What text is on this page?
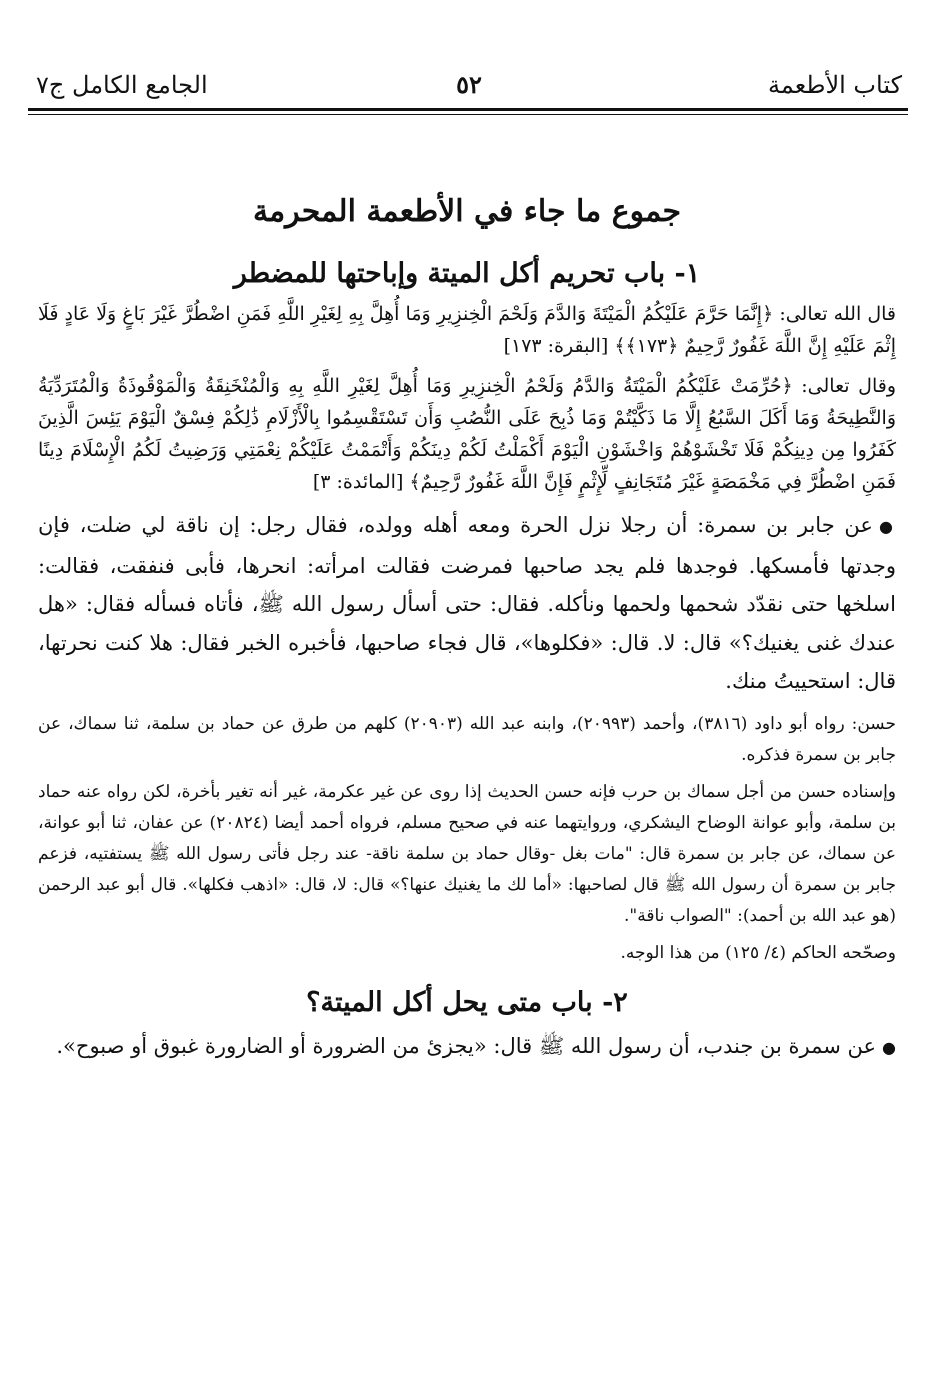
كتاب الأطعمة
٥٢
الجامع الكامل ج٧
جموع ما جاء في الأطعمة المحرمة
١- باب تحريم أكل الميتة وإباحتها للمضطر

قال الله تعالى: ﴿إِنَّمَا حَرَّمَ عَلَيْكُمُ الْمَيْتَةَ وَالدَّمَ وَلَحْمَ الْخِنزِيرِ وَمَا أُهِلَّ بِهِ لِغَيْرِ اللَّهِ فَمَنِ اضْطُرَّ غَيْرَ بَاغٍ وَلَا عَادٍ فَلَا إِثْمَ عَلَيْهِ إِنَّ اللَّهَ غَفُورٌ رَّحِيمٌ ﴿١٧٣﴾﴾ [البقرة: ١٧٣]

وقال تعالى: ﴿حُرِّمَتْ عَلَيْكُمُ الْمَيْتَةُ وَالدَّمُ وَلَحْمُ الْخِنزِيرِ وَمَا أُهِلَّ لِغَيْرِ اللَّهِ بِهِ وَالْمُنْخَنِقَةُ وَالْمَوْقُوذَةُ وَالْمُتَرَدِّيَةُ وَالنَّطِيحَةُ وَمَا أَكَلَ السَّبُعُ إِلَّا مَا ذَكَّيْتُمْ وَمَا ذُبِحَ عَلَى النُّصُبِ وَأَن تَسْتَقْسِمُوا بِالْأَزْلَامِ ذَٰلِكُمْ فِسْقٌ الْيَوْمَ يَئِسَ الَّذِينَ كَفَرُوا مِن دِينِكُمْ فَلَا تَخْشَوْهُمْ وَاخْشَوْنِ الْيَوْمَ أَكْمَلْتُ لَكُمْ دِينَكُمْ وَأَتْمَمْتُ عَلَيْكُمْ نِعْمَتِي وَرَضِيتُ لَكُمُ الْإِسْلَامَ دِينًا فَمَنِ اضْطُرَّ فِي مَخْمَصَةٍ غَيْرَ مُتَجَانِفٍ لِّإِثْمٍ فَإِنَّ اللَّهَ غَفُورٌ رَّحِيمٌ﴾ [المائدة: ٣]

●عن جابر بن سمرة: أن رجلا نزل الحرة ومعه أهله وولده، فقال رجل: إن ناقة لي ضلت، فإن وجدتها فأمسكها. فوجدها فلم يجد صاحبها فمرضت فقالت امرأته: انحرها، فأبى فنفقت، فقالت: اسلخها حتى نقدّد شحمها ولحمها ونأكله. فقال: حتى أسأل رسول الله ﷺ، فأتاه فسأله فقال: «هل عندك غنى يغنيك؟» قال: لا. قال: «فكلوها»، قال فجاء صاحبها، فأخبره الخبر فقال: هلا كنت نحرتها، قال: استحييتُ منك.

حسن: رواه أبو داود (٣٨١٦)، وأحمد (٢٠٩٩٣)، وابنه عبد الله (٢٠٩٠٣) كلهم من طرق عن حماد بن سلمة، ثنا سماك، عن جابر بن سمرة فذكره.

وإسناده حسن من أجل سماك بن حرب فإنه حسن الحديث إذا روى عن غير عكرمة، غير أنه تغير بأخرة، لكن رواه عنه حماد بن سلمة، وأبو عوانة الوضاح اليشكري، وروايتهما عنه في صحيح مسلم، فرواه أحمد أيضا (٢٠٨٢٤) عن عفان، ثنا أبو عوانة، عن سماك، عن جابر بن سمرة قال: "مات بغل -وقال حماد بن سلمة ناقة- عند رجل فأتى رسول الله ﷺ يستفتيه، فزعم جابر بن سمرة أن رسول الله ﷺ قال لصاحبها: «أما لك ما يغنيك عنها؟» قال: لا، قال: «اذهب فكلها». قال أبو عبد الرحمن (هو عبد الله بن أحمد): "الصواب ناقة".

وصحّحه الحاكم (٤/ ١٢٥) من هذا الوجه.

٢- باب متى يحل أكل الميتة؟

●عن سمرة بن جندب، أن رسول الله ﷺ قال: «يجزئ من الضرورة أو الضارورة غبوق أو صبوح».
